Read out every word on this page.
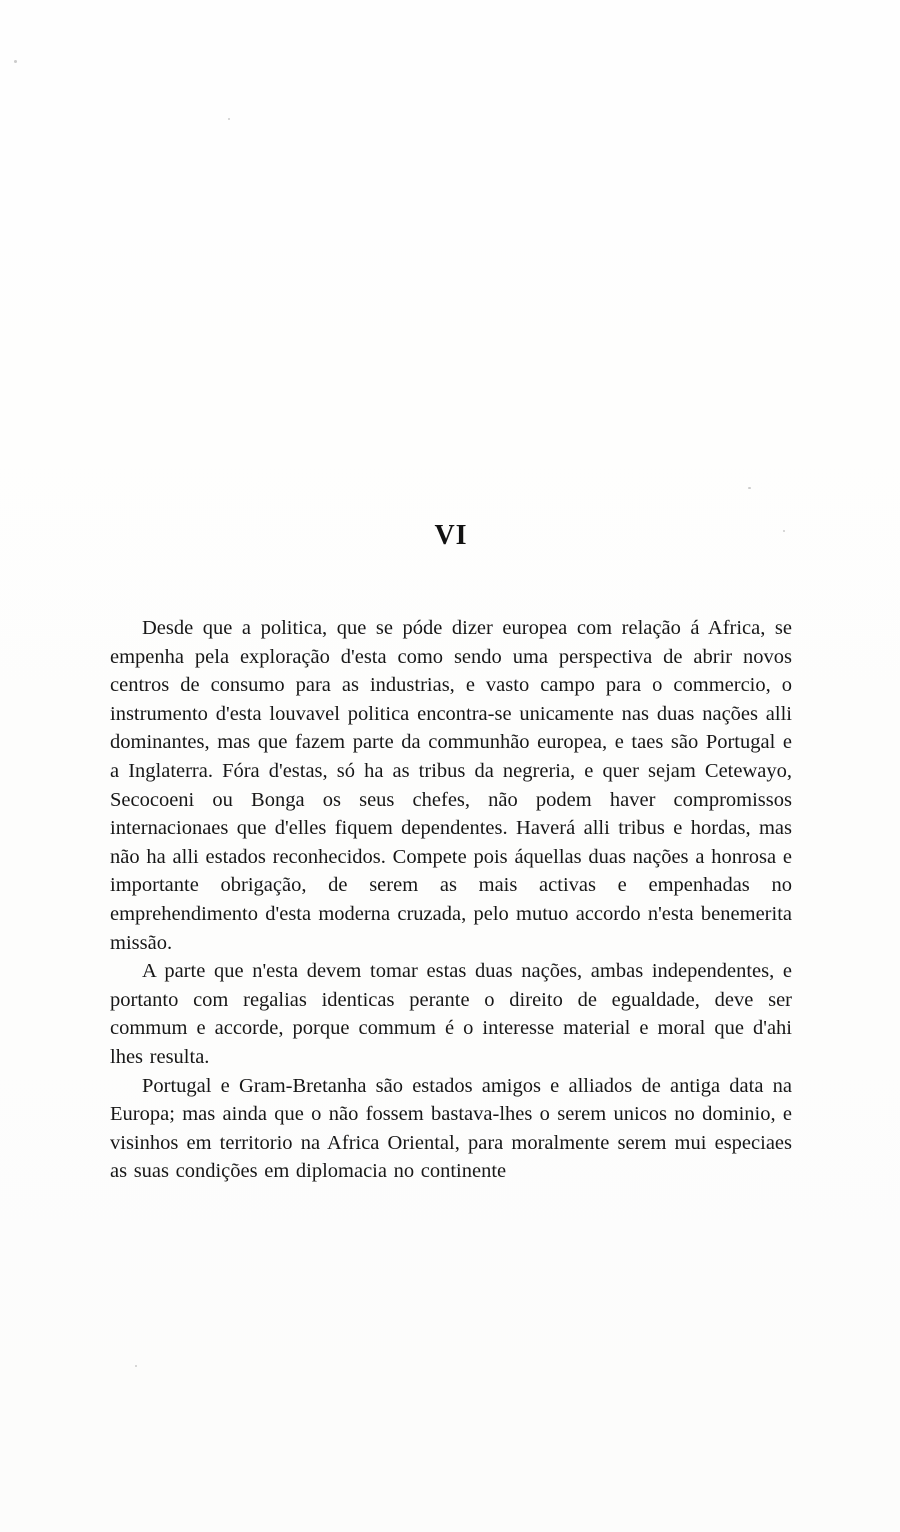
VI

Desde que a politica, que se póde dizer europea com relação á Africa, se empenha pela exploração d'esta como sendo uma perspectiva de abrir novos centros de consumo para as industrias, e vasto campo para o commercio, o instrumento d'esta louvavel politica encontra-se unicamente nas duas nações alli dominantes, mas que fazem parte da communhão europea, e taes são Portugal e a Inglaterra. Fóra d'estas, só ha as tribus da negreria, e quer sejam Cetewayo, Secocoeni ou Bonga os seus chefes, não podem haver compromissos internacionaes que d'elles fiquem dependentes. Haverá alli tribus e hordas, mas não ha alli estados reconhecidos. Compete pois áquellas duas nações a honrosa e importante obrigação, de serem as mais activas e empenhadas no emprehendimento d'esta moderna cruzada, pelo mutuo accordo n'esta benemerita missão.

A parte que n'esta devem tomar estas duas nações, ambas independentes, e portanto com regalias identicas perante o direito de egualdade, deve ser commum e accorde, porque commum é o interesse material e moral que d'ahi lhes resulta.

Portugal e Gram-Bretanha são estados amigos e alliados de antiga data na Europa; mas ainda que o não fossem bastava-lhes o serem unicos no dominio, e visinhos em territorio na Africa Oriental, para moralmente serem mui especiaes as suas condições em diplomacia no continente
